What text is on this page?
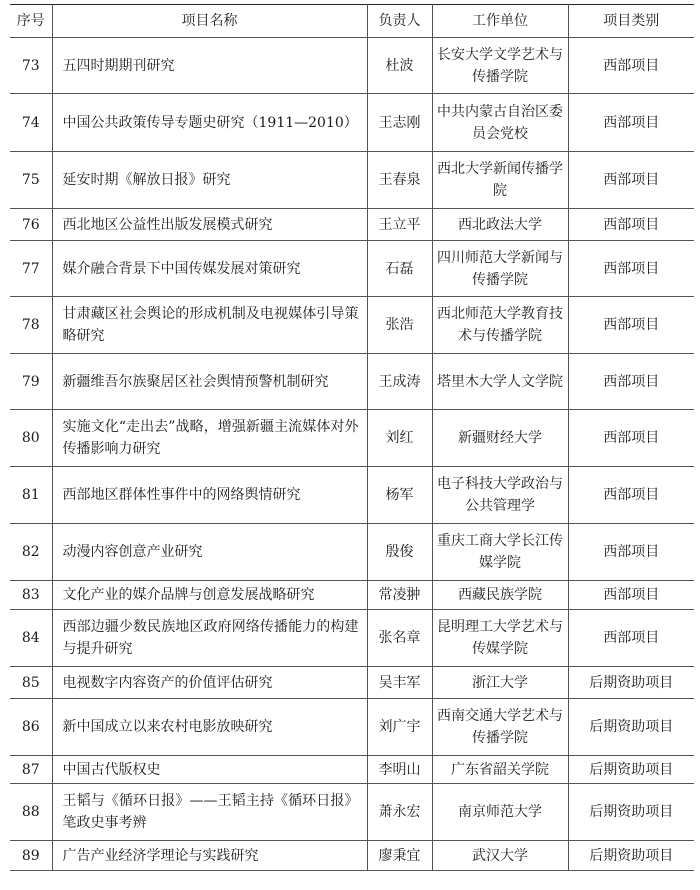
序号	项目名称	负责人	工作单位	项目类别
73	五四时期期刊研究	杜波	长安大学文学艺术与传播学院	西部项目
74	中国公共政策传导专题史研究（1911—2010）	王志刚	中共内蒙古自治区委员会党校	西部项目
75	延安时期《解放日报》研究	王春泉	西北大学新闻传播学院	西部项目
76	西北地区公益性出版发展模式研究	王立平	西北政法大学	西部项目
77	媒介融合背景下中国传媒发展对策研究	石磊	四川师范大学新闻与传播学院	西部项目
78	甘肃藏区社会舆论的形成机制及电视媒体引导策略研究	张浩	西北师范大学教育技术与传播学院	西部项目
79	新疆维吾尔族聚居区社会舆情预警机制研究	王成涛	塔里木大学人文学院	西部项目
80	实施文化“走出去”战略，增强新疆主流媒体对外传播影响力研究	刘红	新疆财经大学	西部项目
81	西部地区群体性事件中的网络舆情研究	杨军	电子科技大学政治与公共管理学	西部项目
82	动漫内容创意产业研究	殷俊	重庆工商大学长江传媒学院	西部项目
83	文化产业的媒介品牌与创意发展战略研究	常凌翀	西藏民族学院	西部项目
84	西部边疆少数民族地区政府网络传播能力的构建与提升研究	张名章	昆明理工大学艺术与传媒学院	西部项目
85	电视数字内容资产的价值评估研究	吴丰军	浙江大学	后期资助项目
86	新中国成立以来农村电影放映研究	刘广宇	西南交通大学艺术与传播学院	后期资助项目
87	中国古代版权史	李明山	广东省韶关学院	后期资助项目
88	王韬与《循环日报》——王韬主持《循环日报》笔政史事考辨	萧永宏	南京师范大学	后期资助项目
89	广告产业经济学理论与实践研究	廖秉宜	武汉大学	后期资助项目
